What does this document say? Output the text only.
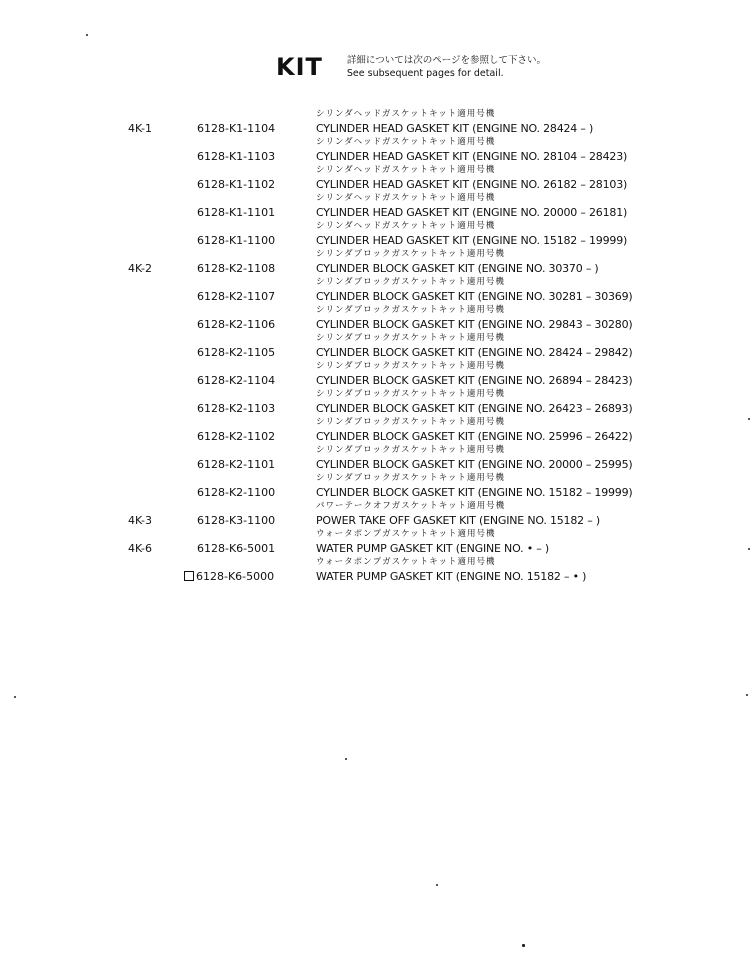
KIT	詳細については次のページを参照して下さい。
See subsequent pages for detail.
4K-1	6128-K1-1104
シリンダヘッドガスケットキット適用号機
CYLINDER HEAD GASKET KIT (ENGINE NO. 28424 – )
6128-K1-1103
シリンダヘッドガスケットキット適用号機
CYLINDER HEAD GASKET KIT (ENGINE NO. 28104 – 28423)
6128-K1-1102
シリンダヘッドガスケットキット適用号機
CYLINDER HEAD GASKET KIT (ENGINE NO. 26182 – 28103)
6128-K1-1101
シリンダヘッドガスケットキット適用号機
CYLINDER HEAD GASKET KIT (ENGINE NO. 20000 – 26181)
6128-K1-1100
シリンダヘッドガスケットキット適用号機
CYLINDER HEAD GASKET KIT (ENGINE NO. 15182 – 19999)
4K-2	6128-K2-1108
シリンダブロックガスケットキット適用号機
CYLINDER BLOCK GASKET KIT (ENGINE NO. 30370 – )
6128-K2-1107
シリンダブロックガスケットキット適用号機
CYLINDER BLOCK GASKET KIT (ENGINE NO. 30281 – 30369)
6128-K2-1106
シリンダブロックガスケットキット適用号機
CYLINDER BLOCK GASKET KIT (ENGINE NO. 29843 – 30280)
6128-K2-1105
シリンダブロックガスケットキット適用号機
CYLINDER BLOCK GASKET KIT (ENGINE NO. 28424 – 29842)
6128-K2-1104
シリンダブロックガスケットキット適用号機
CYLINDER BLOCK GASKET KIT (ENGINE NO. 26894 – 28423)
6128-K2-1103
シリンダブロックガスケットキット適用号機
CYLINDER BLOCK GASKET KIT (ENGINE NO. 26423 – 26893)
6128-K2-1102
シリンダブロックガスケットキット適用号機
CYLINDER BLOCK GASKET KIT (ENGINE NO. 25996 – 26422)
6128-K2-1101
シリンダブロックガスケットキット適用号機
CYLINDER BLOCK GASKET KIT (ENGINE NO. 20000 – 25995)
6128-K2-1100
シリンダブロックガスケットキット適用号機
CYLINDER BLOCK GASKET KIT (ENGINE NO. 15182 – 19999)
4K-3	6128-K3-1100
パワーテークオフガスケットキット適用号機
POWER TAKE OFF GASKET KIT (ENGINE NO. 15182 – )
4K-6	6128-K6-5001
ウォータポンプガスケットキット適用号機
WATER PUMP GASKET KIT (ENGINE NO. • – )
6128-K6-5000
ウォータポンプガスケットキット適用号機
WATER PUMP GASKET KIT (ENGINE NO. 15182 – • )
